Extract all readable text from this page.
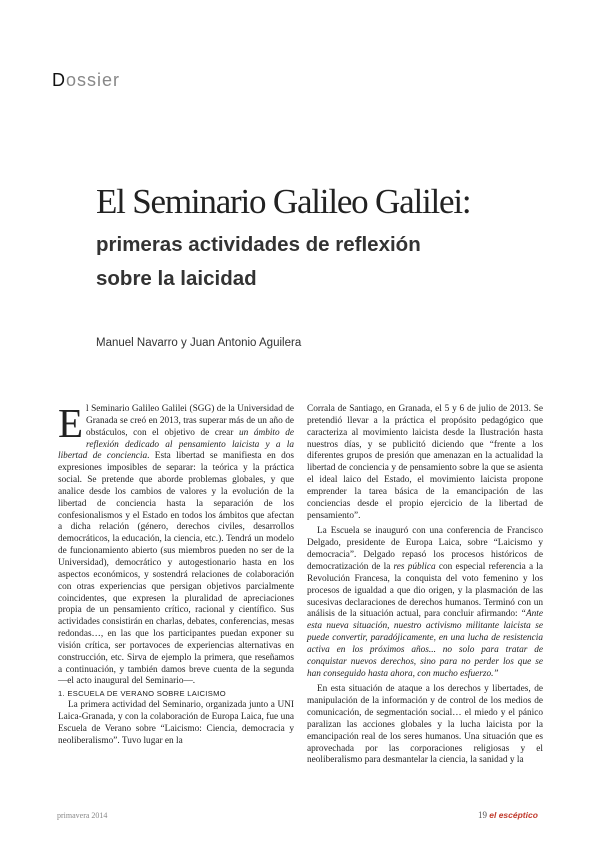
Dossier
El Seminario Galileo Galilei:
primeras actividades de reflexión
sobre la laicidad
Manuel Navarro y Juan Antonio Aguilera

El Seminario Galileo Galilei (SGG) de la Universidad de Granada se creó en 2013, tras superar más de un año de obstáculos, con el objetivo de crear un ámbito de reflexión dedicado al pensamiento laicista y a la libertad de conciencia. Esta libertad se manifiesta en dos expresiones imposibles de separar: la teórica y la práctica social. Se pretende que aborde problemas globales, y que analice desde los cambios de valores y la evolución de la libertad de conciencia hasta la separación de los confesionalismos y el Estado en todos los ámbitos que afectan a dicha relación (género, derechos civiles, desarrollos democráticos, la educación, la ciencia, etc.). Tendrá un modelo de funcionamiento abierto (sus miembros pueden no ser de la Universidad), democrático y autogestionario hasta en los aspectos económicos, y sostendrá relaciones de colaboración con otras experiencias que persigan objetivos parcialmente coincidentes, que expresen la pluralidad de apreciaciones propia de un pensamiento crítico, racional y científico. Sus actividades consistirán en charlas, debates, conferencias, mesas redondas…, en las que los participantes puedan exponer su visión crítica, ser portavoces de experiencias alternativas en construcción, etc. Sirva de ejemplo la primera, que reseñamos a continuación, y también damos breve cuenta de la segunda —el acto inaugural del Seminario—.

1. ESCUELA DE VERANO SOBRE LAICISMO

La primera actividad del Seminario, organizada junto a UNI Laica-Granada, y con la colaboración de Europa Laica, fue una Escuela de Verano sobre “Laicismo: Ciencia, democracia y neoliberalismo”. Tuvo lugar en la

Corrala de Santiago, en Granada, el 5 y 6 de julio de 2013. Se pretendió llevar a la práctica el propósito pedagógico que caracteriza al movimiento laicista desde la Ilustración hasta nuestros días, y se publicitó diciendo que “frente a los diferentes grupos de presión que amenazan en la actualidad la libertad de conciencia y de pensamiento sobre la que se asienta el ideal laico del Estado, el movimiento laicista propone emprender la tarea básica de la emancipación de las conciencias desde el propio ejercicio de la libertad de pensamiento”.

La Escuela se inauguró con una conferencia de Francisco Delgado, presidente de Europa Laica, sobre “Laicismo y democracia”. Delgado repasó los procesos históricos de democratización de la res pública con especial referencia a la Revolución Francesa, la conquista del voto femenino y los procesos de igualdad a que dio origen, y la plasmación de las sucesivas declaraciones de derechos humanos. Terminó con un análisis de la situación actual, para concluir afirmando: “Ante esta nueva situación, nuestro activismo militante laicista se puede convertir, paradójicamente, en una lucha de resistencia activa en los próximos años... no solo para tratar de conquistar nuevos derechos, sino para no perder los que se han conseguido hasta ahora, con mucho esfuerzo.”

En esta situación de ataque a los derechos y libertades, de manipulación de la información y de control de los medios de comunicación, de segmentación social… el miedo y el pánico paralizan las acciones globales y la lucha laicista por la emancipación real de los seres humanos. Una situación que es aprovechada por las corporaciones religiosas y el neoliberalismo para desmantelar la ciencia, la sanidad y la

primavera 2014	19 el escéptico
